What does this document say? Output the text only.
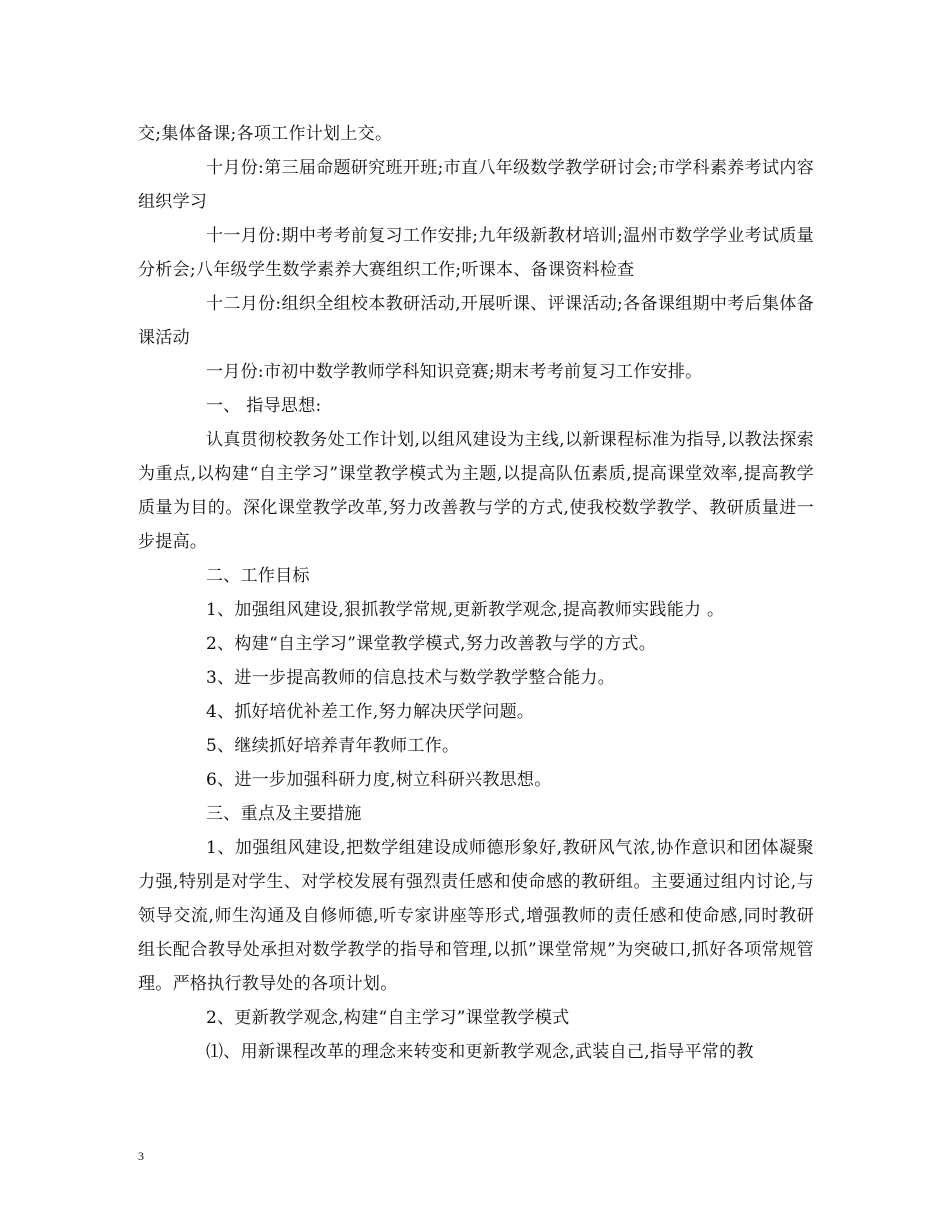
交;集体备课;各项工作计划上交。

十月份:第三届命题研究班开班;市直八年级数学教学研讨会;市学科素养考试内容组织学习

十一月份:期中考考前复习工作安排;九年级新教材培训;温州市数学学业考试质量分析会;八年级学生数学素养大赛组织工作;听课本、备课资料检查

十二月份:组织全组校本教研活动,开展听课、评课活动;各备课组期中考后集体备课活动

一月份:市初中数学教师学科知识竞赛;期末考考前复习工作安排。

一、 指导思想:

认真贯彻校教务处工作计划,以组风建设为主线,以新课程标准为指导,以教法探索为重点,以构建“自主学习”课堂教学模式为主题,以提高队伍素质,提高课堂效率,提高教学质量为目的。深化课堂教学改革,努力改善教与学的方式,使我校数学教学、教研质量进一步提高。

二、工作目标

1、加强组风建设,狠抓教学常规,更新教学观念,提高教师实践能力 。

2、构建“自主学习”课堂教学模式,努力改善教与学的方式。

3、进一步提高教师的信息技术与数学教学整合能力。

4、抓好培优补差工作,努力解决厌学问题。

5、继续抓好培养青年教师工作。

6、进一步加强科研力度,树立科研兴教思想。

三、重点及主要措施

1、加强组风建设,把数学组建设成师德形象好,教研风气浓,协作意识和团体凝聚力强,特别是对学生、对学校发展有强烈责任感和使命感的教研组。主要通过组内讨论,与领导交流,师生沟通及自修师德,听专家讲座等形式,增强教师的责任感和使命感,同时教研组长配合教导处承担对数学教学的指导和管理,以抓”课堂常规”为突破口,抓好各项常规管理。严格执行教导处的各项计划。

2、更新教学观念,构建“自主学习”课堂教学模式

⑴、用新课程改革的理念来转变和更新教学观念,武装自己,指导平常的教

3
